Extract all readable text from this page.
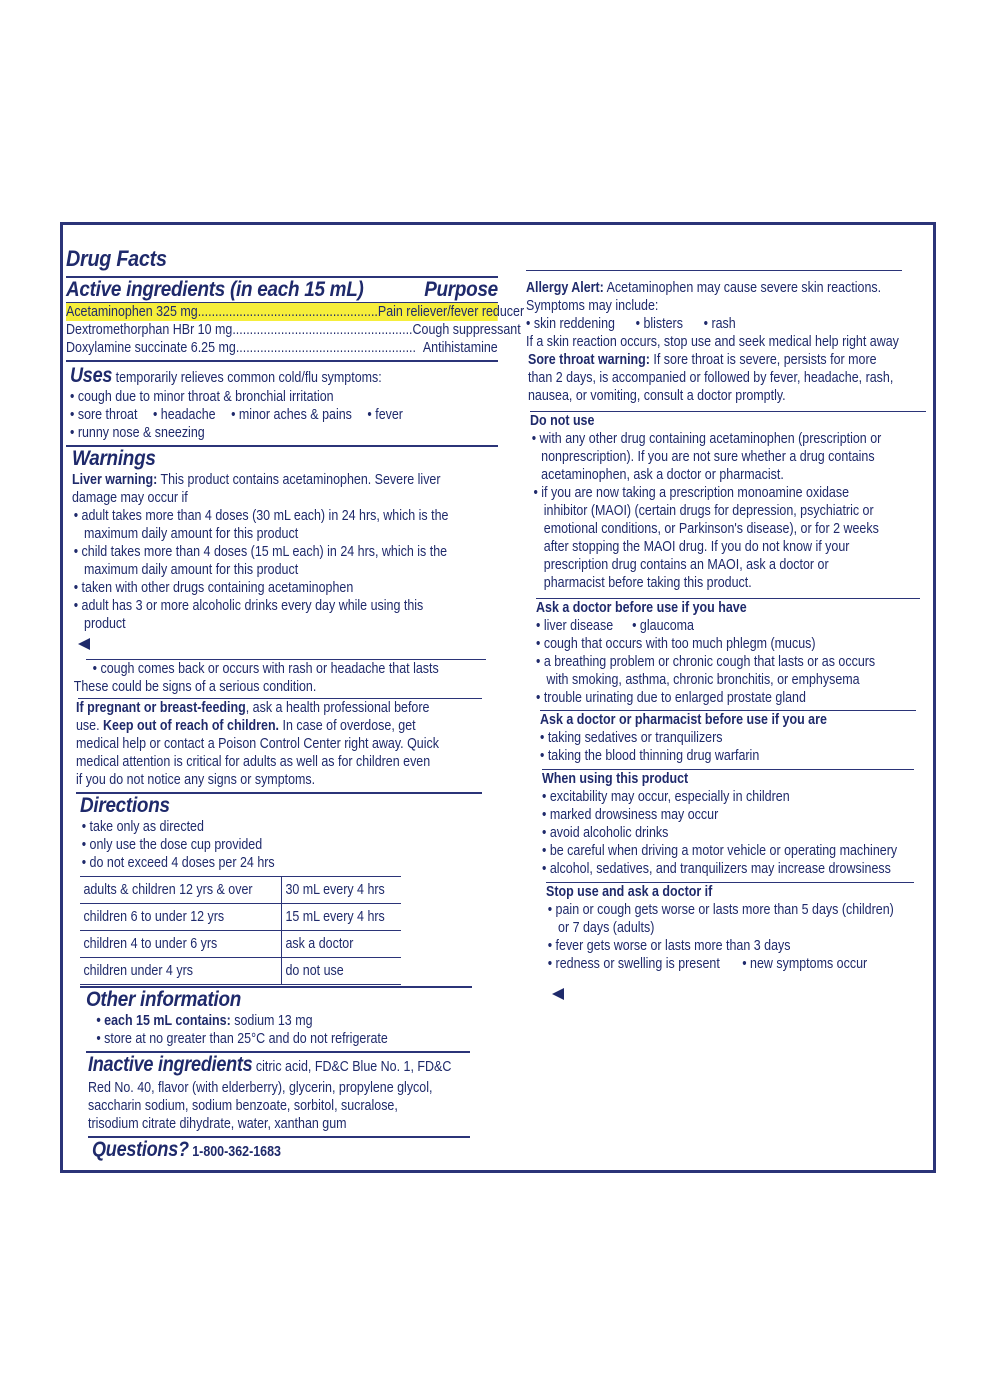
Drug Facts
Active ingredients (in each 15 mL)	Purpose
Acetaminophen 325 mg .................................................... Pain reliever/fever reducer
Dextromethorphan HBr 10 mg .................................................... Cough suppressant
Doxylamine succinate 6.25 mg .................................................... Antihistamine
Uses temporarily relieves common cold/flu symptoms:
• cough due to minor throat & bronchial irritation
• sore throat • headache • minor aches & pains • fever
• runny nose & sneezing
Warnings
Liver warning: This product contains acetaminophen. Severe liver
damage may occur if
• adult takes more than 4 doses (30 mL each) in 24 hrs, which is the
maximum daily amount for this product
• child takes more than 4 doses (15 mL each) in 24 hrs, which is the
maximum daily amount for this product
• taken with other drugs containing acetaminophen
• adult has 3 or more alcoholic drinks every day while using this
product
• cough comes back or occurs with rash or headache that lasts
These could be signs of a serious condition.
If pregnant or breast-feeding, ask a health professional before
use. Keep out of reach of children. In case of overdose, get
medical help or contact a Poison Control Center right away. Quick
medical attention is critical for adults as well as for children even
if you do not notice any signs or symptoms.
Directions
• take only as directed
• only use the dose cup provided
• do not exceed 4 doses per 24 hrs
adults & children 12 yrs & over	30 mL every 4 hrs

children 6 to under 12 yrs	15 mL every 4 hrs

children 4 to under 6 yrs	ask a doctor

children under 4 yrs	do not use
Other information
• each 15 mL contains: sodium 13 mg
• store at no greater than 25°C and do not refrigerate
Inactive ingredients citric acid, FD&C Blue No. 1, FD&C
Red No. 40, flavor (with elderberry), glycerin, propylene glycol,
saccharin sodium, sodium benzoate, sorbitol, sucralose,
trisodium citrate dihydrate, water, xanthan gum
Questions? 1-800-362-1683
Allergy Alert: Acetaminophen may cause severe skin reactions.
Symptoms may include:
• skin reddening • blisters • rash
If a skin reaction occurs, stop use and seek medical help right away
Sore throat warning: If sore throat is severe, persists for more
than 2 days, is accompanied or followed by fever, headache, rash,
nausea, or vomiting, consult a doctor promptly.
Do not use
• with any other drug containing acetaminophen (prescription or
nonprescription). If you are not sure whether a drug contains
acetaminophen, ask a doctor or pharmacist.
• if you are now taking a prescription monoamine oxidase
inhibitor (MAOI) (certain drugs for depression, psychiatric or
emotional conditions, or Parkinson's disease), or for 2 weeks
after stopping the MAOI drug. If you do not know if your
prescription drug contains an MAOI, ask a doctor or
pharmacist before taking this product.
Ask a doctor before use if you have
• liver disease • glaucoma
• cough that occurs with too much phlegm (mucus)
• a breathing problem or chronic cough that lasts or as occurs
with smoking, asthma, chronic bronchitis, or emphysema
• trouble urinating due to enlarged prostate gland
Ask a doctor or pharmacist before use if you are
• taking sedatives or tranquilizers
• taking the blood thinning drug warfarin
When using this product
• excitability may occur, especially in children
• marked drowsiness may occur
• avoid alcoholic drinks
• be careful when driving a motor vehicle or operating machinery
• alcohol, sedatives, and tranquilizers may increase drowsiness
Stop use and ask a doctor if
• pain or cough gets worse or lasts more than 5 days (children)
or 7 days (adults)
• fever gets worse or lasts more than 3 days
• redness or swelling is present • new symptoms occur
